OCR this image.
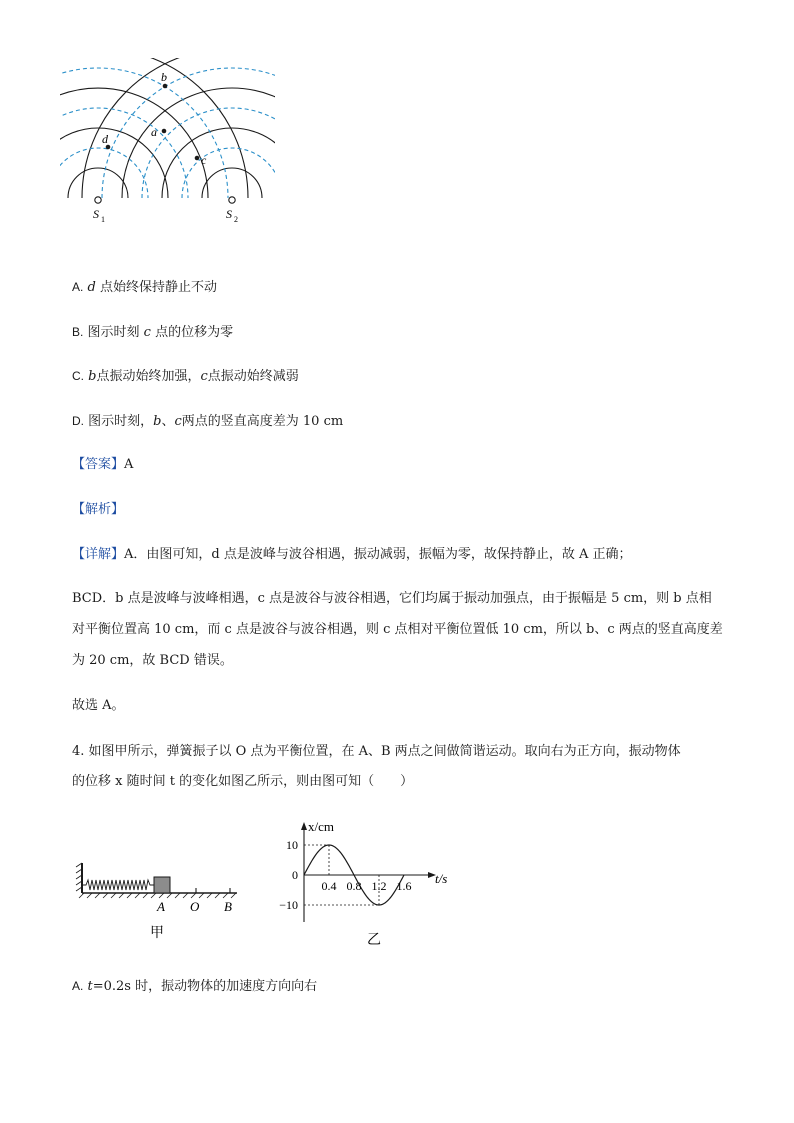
b
a
d
c
S 1	S 2
A. d 点始终保持静止不动
B. 图示时刻 c 点的位移为零
C. b点振动始终加强，c点振动始终减弱
D. 图示时刻，b、c两点的竖直高度差为 10 cm
【答案】A
【解析】
【详解】A．由图可知，d 点是波峰与波谷相遇，振动减弱，振幅为零，故保持静止，故 A 正确；
BCD．b 点是波峰与波峰相遇，c 点是波谷与波谷相遇，它们均属于振动加强点，由于振幅是 5 cm，则 b 点相对平衡位置高 10 cm，而 c 点是波谷与波谷相遇，则 c 点相对平衡位置低 10 cm，所以 b、c 两点的竖直高度差为 20 cm，故 BCD 错误。
故选 A。
4. 如图甲所示，弹簧振子以 O 点为平衡位置，在 A、B 两点之间做简谐运动。取向右为正方向，振动物体
的位移 x 随时间 t 的变化如图乙所示，则由图可知（　　）
A O B
甲
0.4 0.8 1.2 1.6
10
0
−10
x/cm
t/s
乙
A. t=0.2s 时，振动物体的加速度方向向右
